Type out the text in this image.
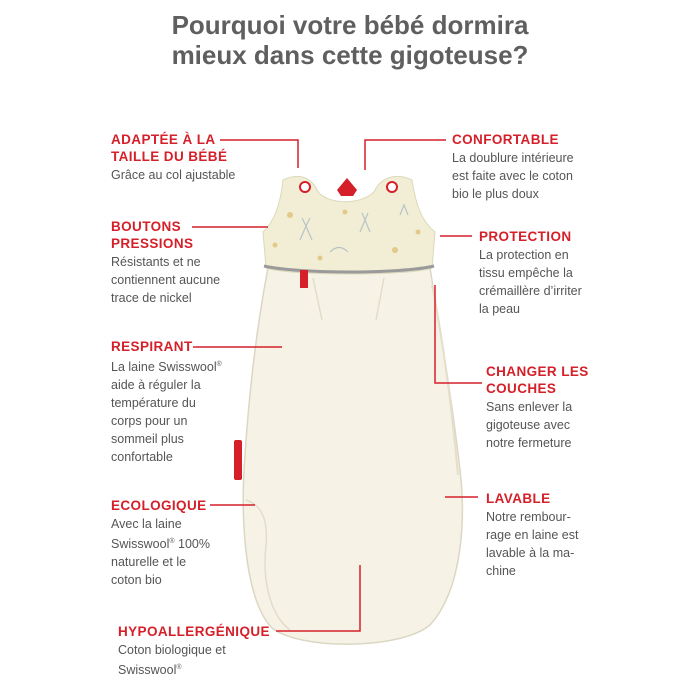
Pourquoi votre bébé dormira
mieux dans cette gigoteuse?
ADAPTÉE À LA
TAILLE DU BÉBÉ

Grâce au col ajustable

BOUTONS
PRESSIONS

Résistants et ne
contiennent aucune
trace de nickel

RESPIRANT

La laine Swisswool®
aide à réguler la
température du
corps pour un
sommeil plus
confortable

ECOLOGIQUE

Avec la laine
Swisswool® 100%
naturelle et le
coton bio

HYPOALLERGÉNIQUE

Coton biologique et
Swisswool®

CONFORTABLE

La doublure intérieure
est faite avec le coton
bio le plus doux

PROTECTION

La protection en
tissu empêche la
crémaillère d’irriter
la peau

CHANGER LES
COUCHES

Sans enlever la
gigoteuse avec
notre fermeture

LAVABLE

Notre rembour-
rage en laine est
lavable à la ma-
chine
